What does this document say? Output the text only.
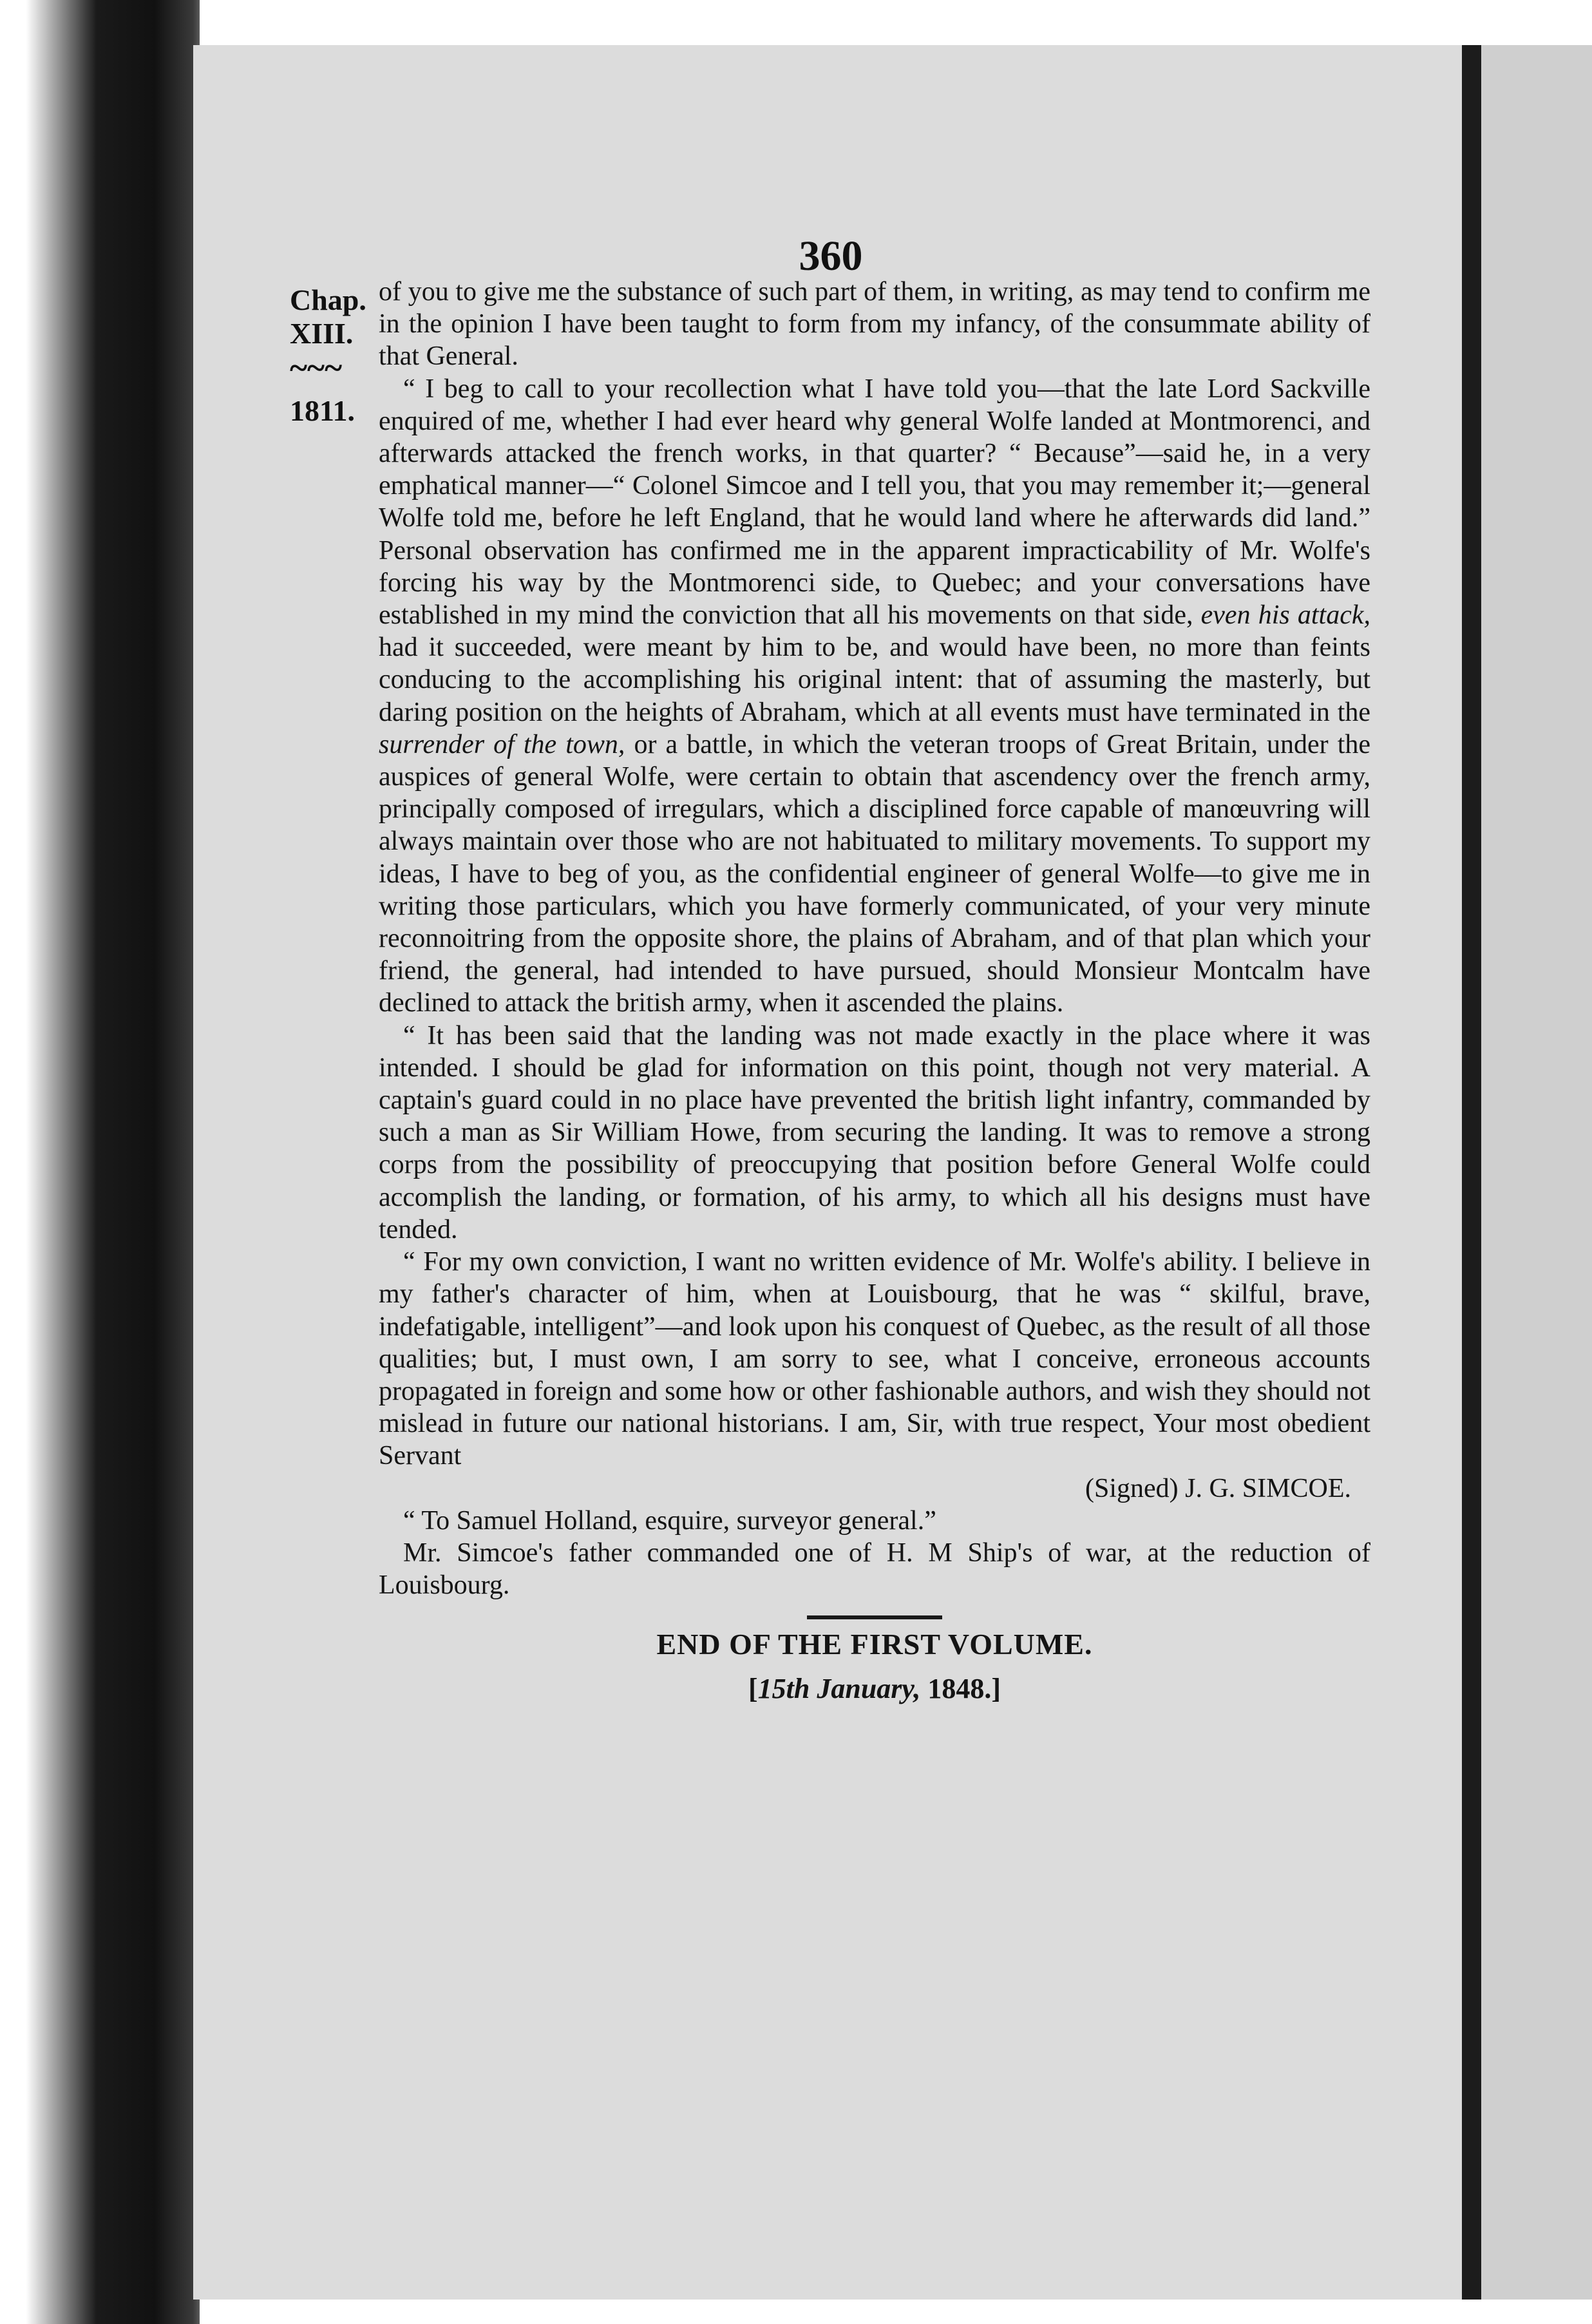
360
Chap.
XIII.
~~~
1811.

of you to give me the substance of such part of them, in writing, as may tend to confirm me in the opinion I have been taught to form from my infancy, of the consummate ability of that General.

“ I beg to call to your recollection what I have told you—that the late Lord Sackville enquired of me, whether I had ever heard why general Wolfe landed at Montmorenci, and afterwards attacked the french works, in that quarter? “ Because”—said he, in a very emphatical manner—“ Colonel Simcoe and I tell you, that you may remember it;—general Wolfe told me, before he left England, that he would land where he afterwards did land.” Personal observation has confirmed me in the apparent impracticability of Mr. Wolfe's forcing his way by the Montmorenci side, to Quebec; and your conversations have established in my mind the conviction that all his movements on that side, even his attack, had it succeeded, were meant by him to be, and would have been, no more than feints conducing to the accomplishing his original intent: that of assuming the masterly, but daring position on the heights of Abraham, which at all events must have terminated in the surrender of the town, or a battle, in which the veteran troops of Great Britain, under the auspices of general Wolfe, were certain to obtain that ascendency over the french army, principally composed of irregulars, which a disciplined force capable of manœuvring will always maintain over those who are not habituated to military movements. To support my ideas, I have to beg of you, as the confidential engineer of general Wolfe—to give me in writing those particulars, which you have formerly communicated, of your very minute reconnoitring from the opposite shore, the plains of Abraham, and of that plan which your friend, the general, had intended to have pursued, should Monsieur Montcalm have declined to attack the british army, when it ascended the plains.

“ It has been said that the landing was not made exactly in the place where it was intended. I should be glad for information on this point, though not very material. A captain's guard could in no place have prevented the british light infantry, commanded by such a man as Sir William Howe, from securing the landing. It was to remove a strong corps from the possibility of preoccupying that position before General Wolfe could accomplish the landing, or formation, of his army, to which all his designs must have tended.

“ For my own conviction, I want no written evidence of Mr. Wolfe's ability. I believe in my father's character of him, when at Louisbourg, that he was “ skilful, brave, indefatigable, intelligent”—and look upon his conquest of Quebec, as the result of all those qualities; but, I must own, I am sorry to see, what I conceive, erroneous accounts propagated in foreign and some how or other fashionable authors, and wish they should not mislead in future our national historians. I am, Sir, with true respect, Your most obedient Servant

(Signed) J. G. SIMCOE.

“ To Samuel Holland, esquire, surveyor general.”

Mr. Simcoe's father commanded one of H. M Ship's of war, at the reduction of Louisbourg.

END OF THE FIRST VOLUME.

[15th January, 1848.]
